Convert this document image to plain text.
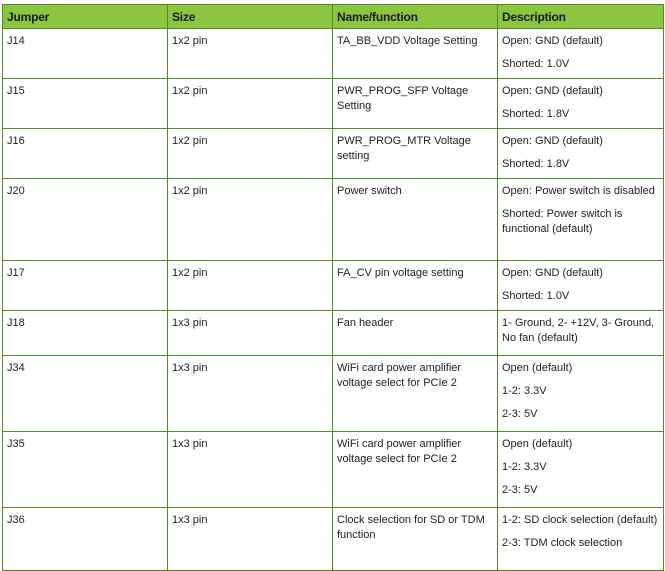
Jumper	Size	Name/function	Description

J14	1x2 pin	TA_BB_VDD Voltage Setting	Open: GND (default)

Shorted: 1.0V

J15	1x2 pin	PWR_PROG_SFP Voltage Setting	Open: GND (default)

Shorted: 1.8V

J16	1x2 pin	PWR_PROG_MTR Voltage setting	Open: GND (default)

Shorted: 1.8V

J20	1x2 pin	Power switch	Open: Power switch is disabled

Shorted: Power switch is functional (default)

J17	1x2 pin	FA_CV pin voltage setting	Open: GND (default)

Shorted: 1.0V

J18	1x3 pin	Fan header	1- Ground, 2- +12V, 3- Ground, No fan (default)

J34	1x3 pin	WiFi card power amplifier voltage select for PCIe 2	Open (default)

1-2: 3.3V

2-3: 5V

J35	1x3 pin	WiFi card power amplifier voltage select for PCIe 2	Open (default)

1-2: 3.3V

2-3: 5V

J36	1x3 pin	Clock selection for SD or TDM function	1-2: SD clock selection (default)

2-3: TDM clock selection
